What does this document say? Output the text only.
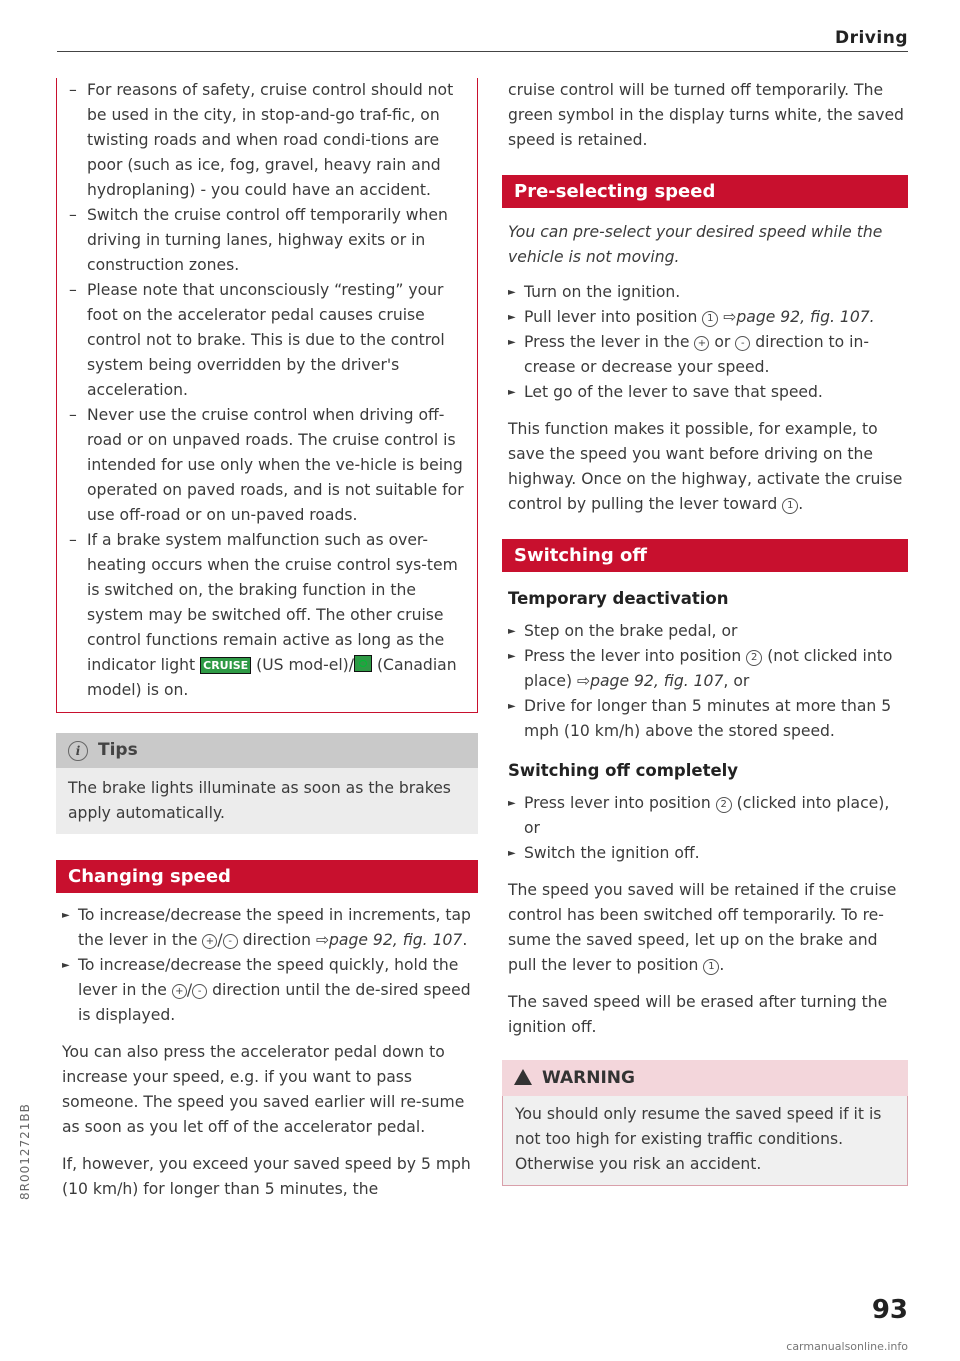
Driving
– For reasons of safety, cruise control should not be used in the city, in stop-and-go traf-fic, on twisting roads and when road condi-tions are poor (such as ice, fog, gravel, heavy rain and hydroplaning) - you could have an accident.
– Switch the cruise control off temporarily when driving in turning lanes, highway exits or in construction zones.
– Please note that unconsciously “resting” your foot on the accelerator pedal causes cruise control not to brake. This is due to the control system being overridden by the driver's acceleration.
– Never use the cruise control when driving off-road or on unpaved roads. The cruise control is intended for use only when the ve-hicle is being operated on paved roads, and is not suitable for use off-road or on un-paved roads.
– If a brake system malfunction such as over-heating occurs when the cruise control sys-tem is switched on, the braking function in the system may be switched off. The other cruise control functions remain active as long as the indicator light CRUISE (US mod-el)/ (Canadian model) is on.
i Tips

The brake lights illuminate as soon as the brakes apply automatically.

Changing speed
► To increase/decrease the speed in increments, tap the lever in the + / - direction ⇨page 92, fig. 107.
► To increase/decrease the speed quickly, hold the lever in the + / - direction until the de-sired speed is displayed.

You can also press the accelerator pedal down to increase your speed, e.g. if you want to pass someone. The speed you saved earlier will re-sume as soon as you let off of the accelerator pedal.

If, however, you exceed your saved speed by 5 mph (10 km/h) for longer than 5 minutes, the

cruise control will be turned off temporarily. The green symbol in the display turns white, the saved speed is retained.

Pre-selecting speed

You can pre-select your desired speed while the vehicle is not moving.

► Turn on the ignition.
► Pull lever into position 1 ⇨page 92, fig. 107.
► Press the lever in the + or - direction to in-crease or decrease your speed.
► Let go of the lever to save that speed.

This function makes it possible, for example, to save the speed you want before driving on the highway. Once on the highway, activate the cruise control by pulling the lever toward 1 .

Switching off

Temporary deactivation

► Step on the brake pedal, or
► Press the lever into position 2 (not clicked into place) ⇨page 92, fig. 107, or
► Drive for longer than 5 minutes at more than 5 mph (10 km/h) above the stored speed.

Switching off completely

► Press lever into position 2 (clicked into place), or
► Switch the ignition off.

The speed you saved will be retained if the cruise control has been switched off temporarily. To re-sume the saved speed, let up on the brake and pull the lever to position 1 .

The saved speed will be erased after turning the ignition off.

WARNING

You should only resume the saved speed if it is not too high for existing traffic conditions. Otherwise you risk an accident.

8R0012721BB
93
carmanualsonline.info
